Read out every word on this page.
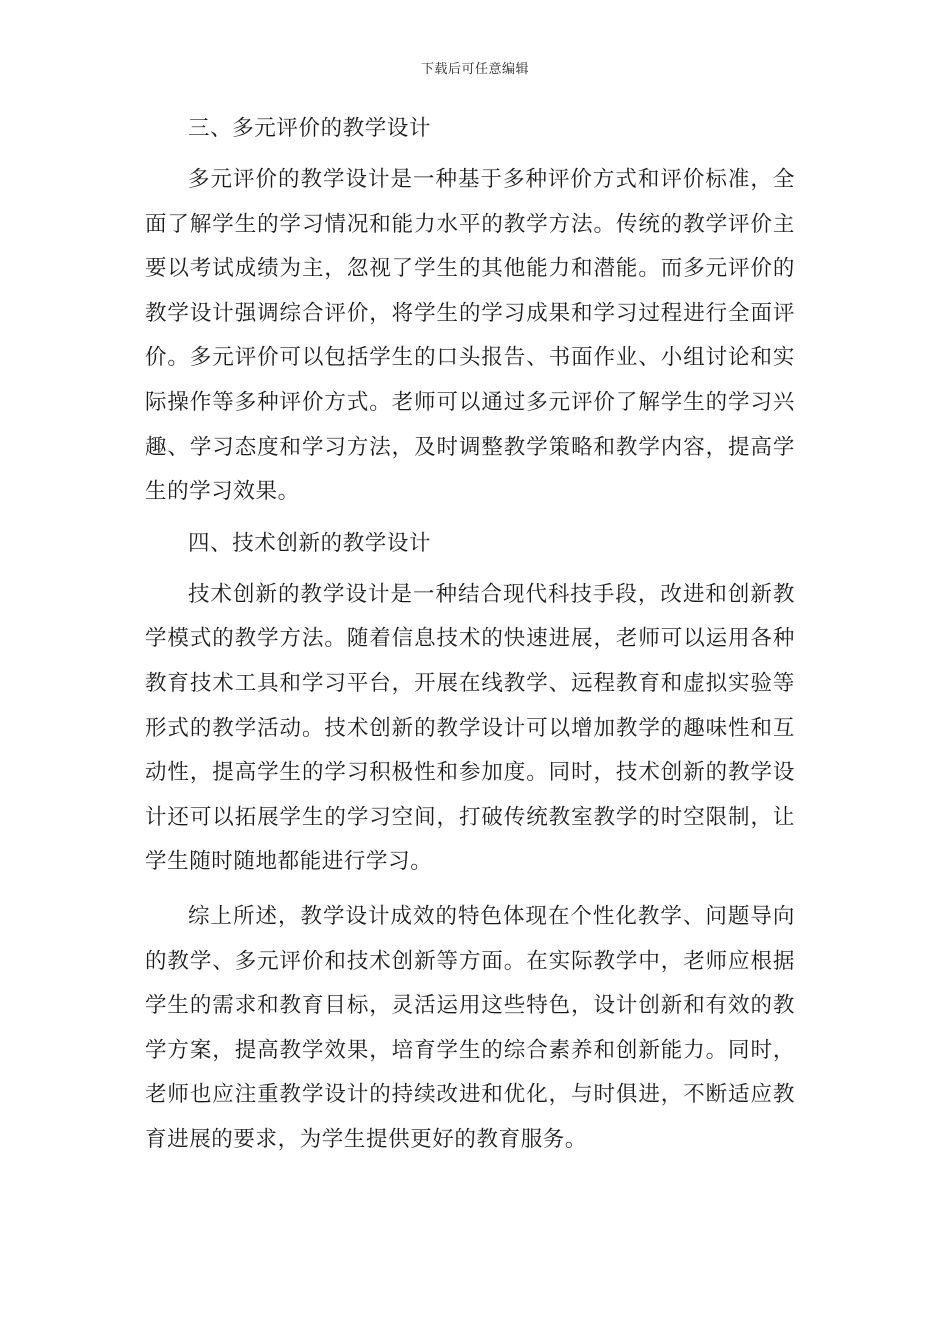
下载后可任意编辑

三、多元评价的教学设计

多元评价的教学设计是一种基于多种评价方式和评价标准，全面了解学生的学习情况和能力水平的教学方法。传统的教学评价主要以考试成绩为主，忽视了学生的其他能力和潜能。而多元评价的教学设计强调综合评价，将学生的学习成果和学习过程进行全面评价。多元评价可以包括学生的口头报告、书面作业、小组讨论和实际操作等多种评价方式。老师可以通过多元评价了解学生的学习兴趣、学习态度和学习方法，及时调整教学策略和教学内容，提高学生的学习效果。

四、技术创新的教学设计

技术创新的教学设计是一种结合现代科技手段，改进和创新教学模式的教学方法。随着信息技术的快速进展，老师可以运用各种教育技术工具和学习平台，开展在线教学、远程教育和虚拟实验等形式的教学活动。技术创新的教学设计可以增加教学的趣味性和互动性，提高学生的学习积极性和参加度。同时，技术创新的教学设计还可以拓展学生的学习空间，打破传统教室教学的时空限制，让学生随时随地都能进行学习。

综上所述，教学设计成效的特色体现在个性化教学、问题导向的教学、多元评价和技术创新等方面。在实际教学中，老师应根据学生的需求和教育目标，灵活运用这些特色，设计创新和有效的教学方案，提高教学效果，培育学生的综合素养和创新能力。同时，老师也应注重教学设计的持续改进和优化，与时俱进，不断适应教育进展的要求，为学生提供更好的教育服务。
